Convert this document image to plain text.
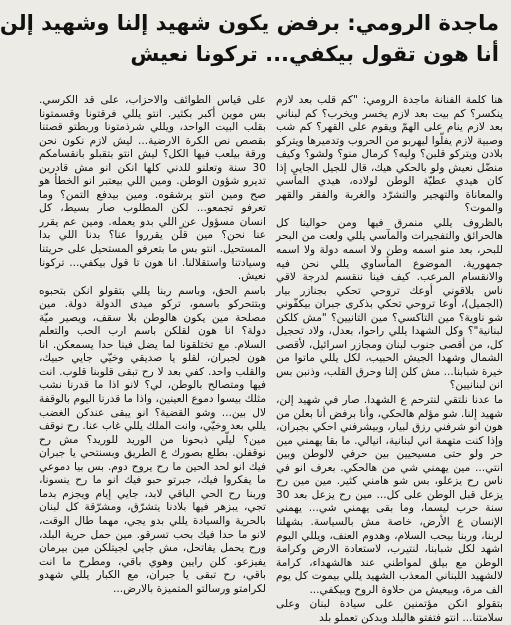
ماجدة الرومي: برفض يكون شهيد إلنا وشهيد إلن
أنا هون تقول بيكفي... تركونا نعيش

هنا كلمة الفنانة ماجدة الرومي: "كم قلب بعد لازم ينكسر؟ كم بيت بعد لازم يخسر ويخرب؟ كم لبناني بعد لازم ينام على الهمّ ويقوم على القهر؟ كم شب وصبية لازم يفلّوا ليهربو من الحروب وتدميرها ويتركو بلادن ويتركو قلبن؟ وليه؟ كرمال منو؟ ولشو؟ وكيف منضّل نعيش ولو بالحكي هيك، قال للجيل الجايي إذا كان هيدي عطيّة الوطن لولاده، هيدي المآسي والمعاناة والتهجير والتشرّد والغربة والفقر والقهر والموت؟

بالظروف يللي منمرق فيها ومن حوالينا كل هالحرائق والتفجيرات والمآسي يللي ولعت من البحر للبحر، بعد منو اسمه وطن ولا اسمه دولة ولا اسمه جمهورية. الموضوع المأساوي يللي نحن فيه والانقسام المرعب. كيف فينا ننقسم لدرجة لاقي ناس بلاقوني أوعك تروحي تحكي بجنازر بيار (الجميل)، أوعا تروحي تحكي بذكرى جبران بيكفّوني شو ناوية؟ مين التاكسي؟ مين التانيين؟ "مش كلكن لبنانية"؟ وكل الشهدا يللي راحوا، بعدل، ولاد تحجيل كل، من أقصى جنوب لبنان ومجازر اسرائيل، لأقصى الشمال وشهدا الجيش الحبيب، لكل يللي ماتوا من خيرة شبابنا... مش كلن إلنا وحرق القلب، وذنبن بس انن لبنانيين؟

ما عدنا نلتقي لنترحم ع الشهدا. صار في شهيد إلن، شهيد إلنا. شو مؤلم هالحكي، وأنا برفض أنا بعلن من هون انو شرفني رزق لبيار، وبيشرفني احكي بجبران، وإذا كنت متهمة اني لبنانية، انيالي. ما بقا يهمني مين حر ولو حتى مسيحيين بين حرفي لالوطن وبين انتي... مين يهمني شي من هالحكي. بعرف انو في ناس رح يزعلو، بس شو هامني كثير. مين مين رح يزعل قبل الوطن على كل... مين رح يزعل بعد 30 سنة حرب ليسما، وما بقى يهمني شي... يهمني الإنسان ع الأرض، خاصة مش بالسياسة. بشهلنا لربنا، وربنا بيحب السلام، وهدوم العنف، ويللي اليوم اشهد لكل شبابنا، لنتيرب، لاستعادة الارض وكرامة الوطن مع بيلق لمواطني عند هالشهداء، كرامة لالشهيد اللبناني المعذب الشهيد يللي بيموت كل يوم الف مرة، وبيعيش من حلاوة الروح وبيكفي...

بتقولو انكن مؤتمنين على سيادة لبنان وعلى سلامتنا... انتو فتفتو هالبلد وبدكن تعملو بلد

على قياس الطوائف والاحزاب، على قد الكرسي. بس موين أكبر بكثير. انتو يللي فرقتونا وقسمتونا بقلب البيت الواحد، ويللي شرذمتونا وربطتو قصتنا بقصص نص الكرة الارضية... ليش لازم نكون نحن ورقة بيلعب فيها الكل؟ ليش انتو بتقبلو بانقسامكم 30 سنة وتعلنو للدني كلها انكن انو مش قادرين تديرو شؤون الوطن. ومين اللي بيعتبر انو الخطأ هو صح ومين انتو يرشقوه. ومين بيدفع التمن؟ وما تعرفو تجمعو... لكن المطلوب صار بسيط، كل انسان مسؤول عن اللي بدو يعمله. ومين عم يقرر عنا نحن؟ مين قلّن يقرروا عنا؟ بدنا اللي بدا المستحيل. انتو بس ما بتعرفو المستحيل على حريتنا وسيادتنا واستقلالنا. انا هون تا قول بيكفي... تركونا نعيش.

باسم الحق، وباسم ربنا يللي بتقولو انكن بتحبوه وبتتحركو باسمو، تركو ميدى الدولة دولة. مين مصلحة مين يكون هالوطن بلا سقف، ويصير ميّة دولة؟ انا هون لقلكن باسم ارب الحب والتعلم السلام. مع تختلقونا لما يضل فينا حدا يسمعكن. انا هون لجبران، لقلو يا صديقي وخيّي جايي حبيك، والقلب واحد. كفي بعد لا رح تبقى قلوبنا قلوب. انت فيها ومتصالح بالوطن، لي؟ لانو اذا ما قدرنا نشب مثلك بيسوا دموع العينين، واذا ما قدرنا اليوم بالوقفة لال بين... وشو القضية؟ انو يبقى عندكن الغضب يللي بعد وخيّي، وانت الملك يللي غاب عنا. رح نوقف مين؟ ليلّي ذبحونا من الوريد للوريد؟ مش رح نوقفلن. بطلع بصورك ع الطريق وبسنتحي يا جبران فيك انو لحد الحين ما رح يروح دوم. بس بيا دموعي ما يفكروا فيك، جبرتو حبو فيك انو ما رح ينسونا، وربنا رح الحي الباقي لابد، جايي إيام ويجزم بدما تجي، يبزهر فيها بلادنا يتشرّق، ومشرّقة كل لبنان بالحرية والسيادة يللي بدو يجي، مهما طال الوقت، لانو ما حدا فيك بحب تسرقو. مين حمل حرية البلد، ورح يحمل يفاتحل، مش جايي لجيتلكن مين بيرمان يفيزعو. كلن رايين وهوي باقي، ومطرح ما انت باقي، رح تبقى يا جبران، مع الكبار يللي شهدو لكرامتو ورسالتو المتميزة بالارض...
